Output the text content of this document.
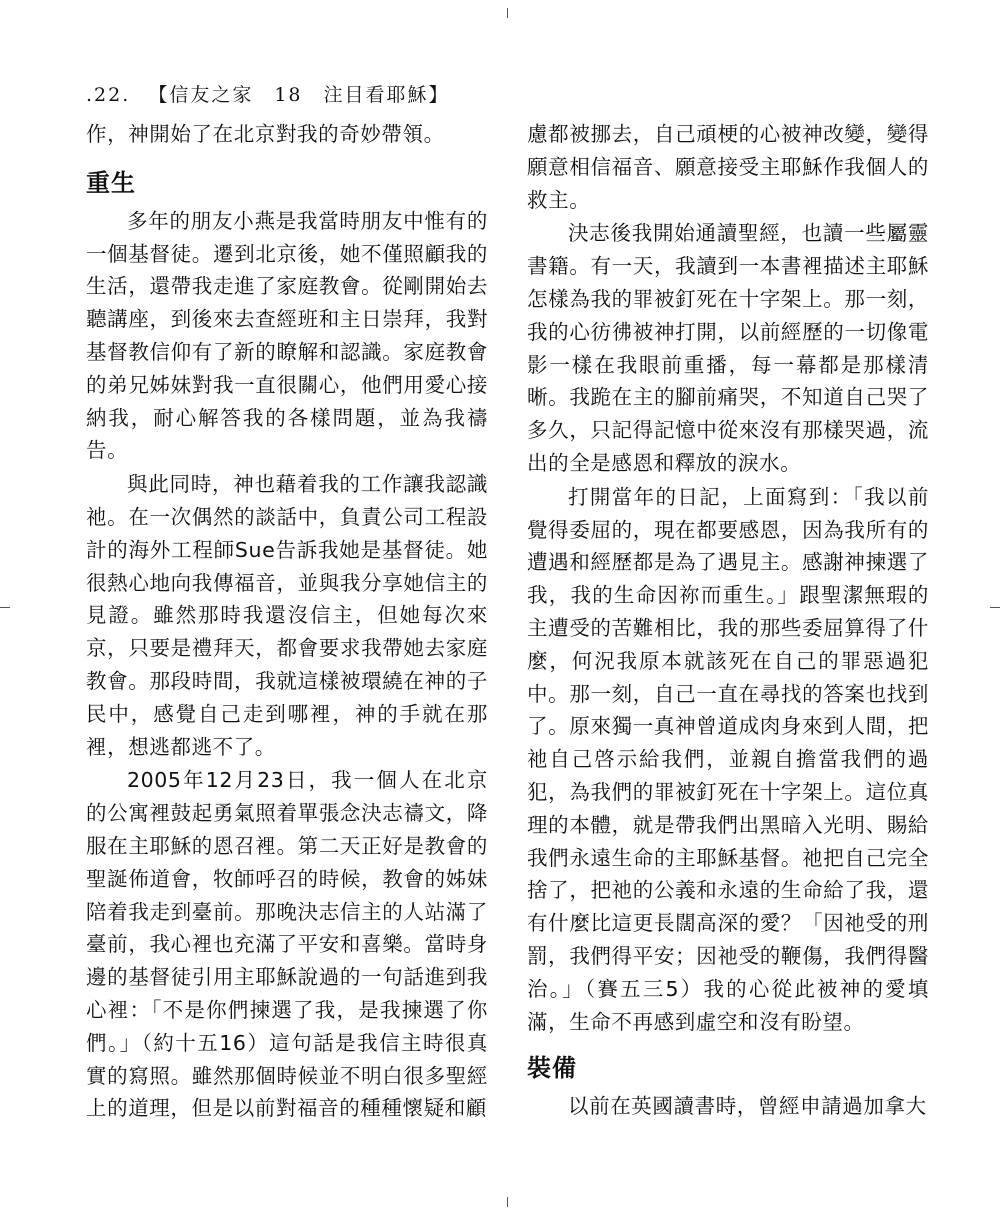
.22. 【信友之家　18　注目看耶穌】

作，神開始了在北京對我的奇妙帶領。

重生

多年的朋友小燕是我當時朋友中惟有的一個基督徒。遷到北京後，她不僅照顧我的生活，還帶我走進了家庭教會。從剛開始去聽講座，到後來去查經班和主日崇拜，我對基督教信仰有了新的瞭解和認識。家庭教會的弟兄姊妹對我一直很關心，他們用愛心接納我，耐心解答我的各樣問題，並為我禱告。

與此同時，神也藉着我的工作讓我認識祂。在一次偶然的談話中，負責公司工程設計的海外工程師Sue告訴我她是基督徒。她很熱心地向我傳福音，並與我分享她信主的見證。雖然那時我還沒信主，但她每次來京，只要是禮拜天，都會要求我帶她去家庭教會。那段時間，我就這樣被環繞在神的子民中，感覺自己走到哪裡，神的手就在那裡，想逃都逃不了。

2005年12月23日，我一個人在北京的公寓裡鼓起勇氣照着單張念決志禱文，降服在主耶穌的恩召裡。第二天正好是教會的聖誕佈道會，牧師呼召的時候，教會的姊妹陪着我走到臺前。那晚決志信主的人站滿了臺前，我心裡也充滿了平安和喜樂。當時身邊的基督徒引用主耶穌說過的一句話進到我心裡：「不是你們揀選了我，是我揀選了你們。」（約十五16）這句話是我信主時很真實的寫照。雖然那個時候並不明白很多聖經上的道理，但是以前對福音的種種懷疑和顧

慮都被挪去，自己頑梗的心被神改變，變得願意相信福音、願意接受主耶穌作我個人的救主。

決志後我開始通讀聖經，也讀一些屬靈書籍。有一天，我讀到一本書裡描述主耶穌怎樣為我的罪被釘死在十字架上。那一刻，我的心彷彿被神打開，以前經歷的一切像電影一樣在我眼前重播，每一幕都是那樣清晰。我跪在主的腳前痛哭，不知道自己哭了多久，只記得記憶中從來沒有那樣哭過，流出的全是感恩和釋放的淚水。

打開當年的日記，上面寫到：「我以前覺得委屈的，現在都要感恩，因為我所有的遭遇和經歷都是為了遇見主。感謝神揀選了我，我的生命因祢而重生。」跟聖潔無瑕的主遭受的苦難相比，我的那些委屈算得了什麼，何況我原本就該死在自己的罪惡過犯中。那一刻，自己一直在尋找的答案也找到了。原來獨一真神曾道成肉身來到人間，把祂自己啓示給我們，並親自擔當我們的過犯，為我們的罪被釘死在十字架上。這位真理的本體，就是帶我們出黑暗入光明、賜給我們永遠生命的主耶穌基督。祂把自己完全捨了，把祂的公義和永遠的生命給了我，還有什麼比這更長闊高深的愛？「因祂受的刑罰，我們得平安；因祂受的鞭傷，我們得醫治。」（賽五三5）我的心從此被神的愛填滿，生命不再感到虛空和沒有盼望。

裝備

以前在英國讀書時，曾經申請過加拿大
